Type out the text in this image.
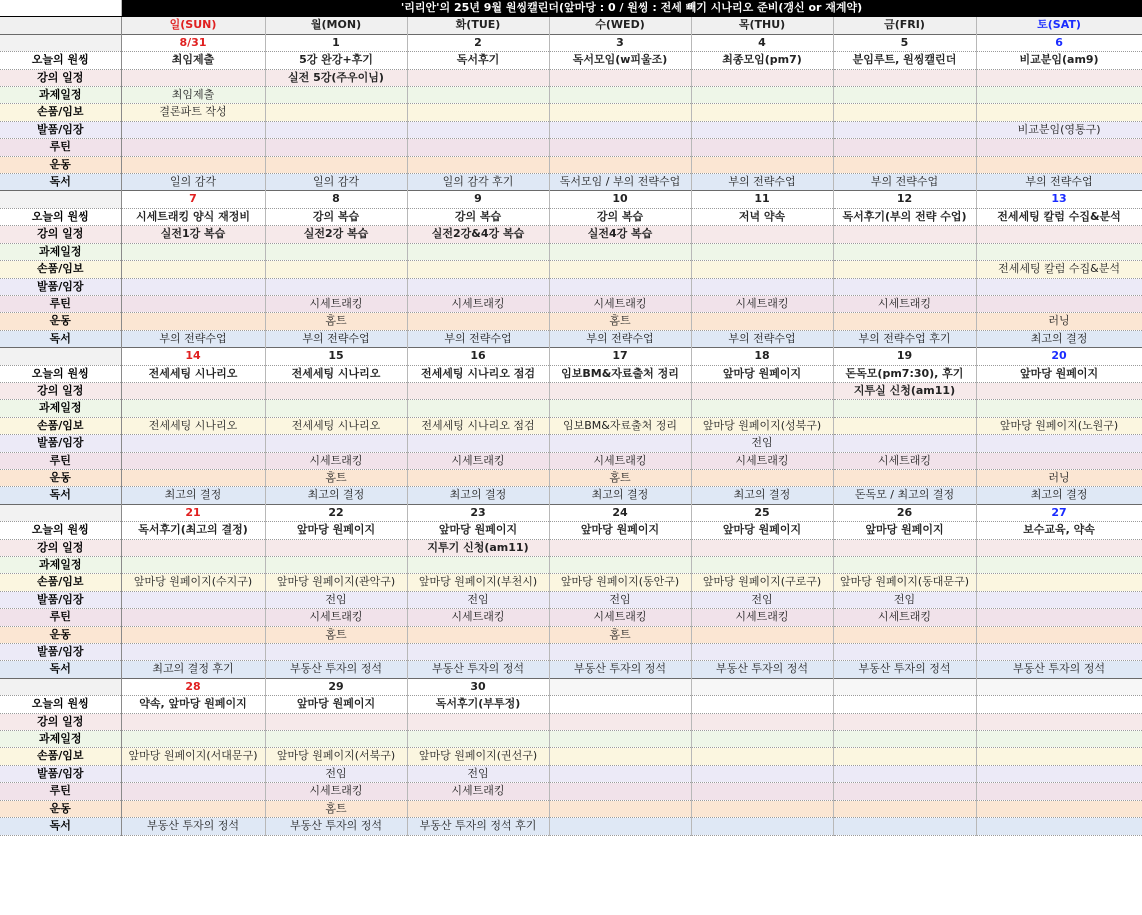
	'리리안'의 25년 9월 원씽캘린더(앞마당 : 0 / 원씽 : 전세 빼기 시나리오 준비(갱신 or 재계약)						
	일(SUN)	월(MON)	화(TUE)	수(WED)	목(THU)	금(FRI)	토(SAT)
	8/31	1	2	3	4	5	6
오늘의 원씽	최임제출	5강 완강+후기	독서후기	독서모임(w피울조)	최종모임(pm7)	분임루트, 원씽캘린더	비교분임(am9)
강의 일정		실전 5강(주우이님)					
과제일정	최임제출						
손품/임보	결론파트 작성						
발품/임장							비교분임(영통구)
루틴							
운동							
독서	일의 감각	일의 감각	일의 감각 후기	독서모임 / 부의 전략수업	부의 전략수업	부의 전략수업	부의 전략수업
	7	8	9	10	11	12	13
오늘의 원씽	시세트래킹 양식 재정비	강의 복습	강의 복습	강의 복습	저녁 약속	독서후기(부의 전략 수업)	전세세팅 칼럼 수집&분석
강의 일정	실전1강 복습	실전2강 복습	실전2강&4강 복습	실전4강 복습			
과제일정							
손품/임보							전세세팅 칼럼 수집&분석
발품/임장							
루틴		시세트래킹	시세트래킹	시세트래킹	시세트래킹	시세트래킹	
운동		홈트		홈트			러닝
독서	부의 전략수업	부의 전략수업	부의 전략수업	부의 전략수업	부의 전략수업	부의 전략수업 후기	최고의 결정
	14	15	16	17	18	19	20
오늘의 원씽	전세세팅 시나리오	전세세팅 시나리오	전세세팅 시나리오 점검	임보BM&자료출처 정리	앞마당 원페이지	돈독모(pm7:30), 후기	앞마당 원페이지
강의 일정						지투실 신청(am11)	
과제일정							
손품/임보	전세세팅 시나리오	전세세팅 시나리오	전세세팅 시나리오 점검	임보BM&자료출처 정리	앞마당 원페이지(성북구)		앞마당 원페이지(노원구)
발품/임장					전임		
루틴		시세트래킹	시세트래킹	시세트래킹	시세트래킹	시세트래킹	
운동		홈트		홈트			러닝
독서	최고의 결정	최고의 결정	최고의 결정	최고의 결정	최고의 결정	돈독모 / 최고의 결정	최고의 결정
	21	22	23	24	25	26	27
오늘의 원씽	독서후기(최고의 결정)	앞마당 원페이지	앞마당 원페이지	앞마당 원페이지	앞마당 원페이지	앞마당 원페이지	보수교육, 약속
강의 일정			지투기 신청(am11)				
과제일정							
손품/임보	앞마당 원페이지(수지구)	앞마당 원페이지(관악구)	앞마당 원페이지(부천시)	앞마당 원페이지(동안구)	앞마당 원페이지(구로구)	앞마당 원페이지(동대문구)	
발품/임장		전임	전임	전임	전임	전임	
루틴		시세트래킹	시세트래킹	시세트래킹	시세트래킹	시세트래킹	
운동		홈트		홈트			
발품/임장							
독서	최고의 결정 후기	부동산 투자의 정석	부동산 투자의 정석	부동산 투자의 정석	부동산 투자의 정석	부동산 투자의 정석	부동산 투자의 정석
	28	29	30				
오늘의 원씽	약속, 앞마당 원페이지	앞마당 원페이지	독서후기(부투정)				
강의 일정							
과제일정							
손품/임보	앞마당 원페이지(서대문구)	앞마당 원페이지(서북구)	앞마당 원페이지(권선구)				
발품/임장		전임	전임				
루틴		시세트래킹	시세트래킹				
운동		홈트					
독서	부동산 투자의 정석	부동산 투자의 정석	부동산 투자의 정석 후기				
